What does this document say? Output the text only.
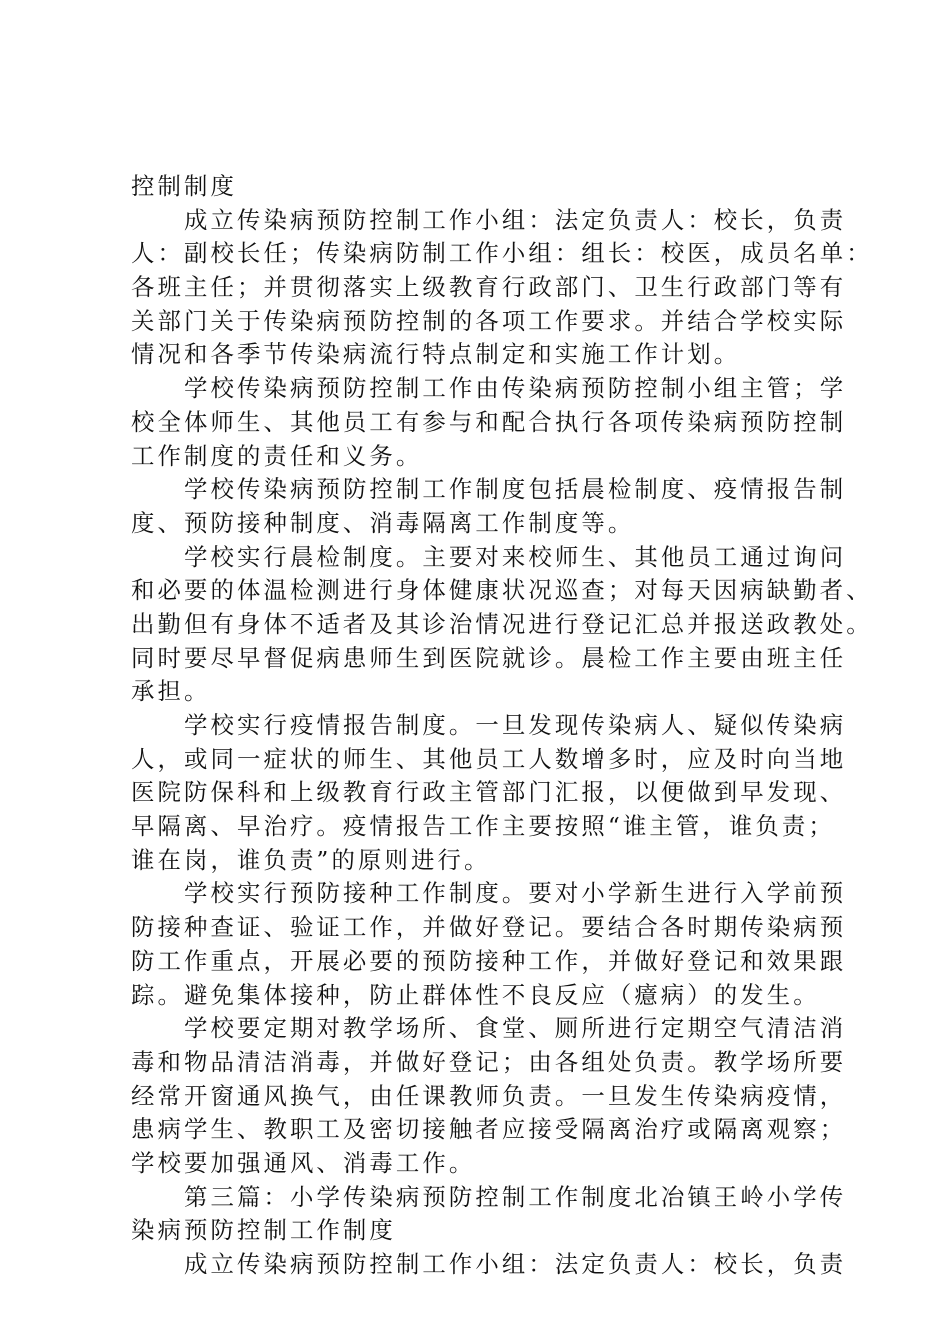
控制制度
成立传染病预防控制工作小组：法定负责人：校长，负责
人：副校长任；传染病防制工作小组：组长：校医，成员名单：
各班主任；并贯彻落实上级教育行政部门、卫生行政部门等有
关部门关于传染病预防控制的各项工作要求。并结合学校实际
情况和各季节传染病流行特点制定和实施工作计划。
学校传染病预防控制工作由传染病预防控制小组主管；学
校全体师生、其他员工有参与和配合执行各项传染病预防控制
工作制度的责任和义务。
学校传染病预防控制工作制度包括晨检制度、疫情报告制
度、预防接种制度、消毒隔离工作制度等。
学校实行晨检制度。主要对来校师生、其他员工通过询问
和必要的体温检测进行身体健康状况巡查；对每天因病缺勤者、
出勤但有身体不适者及其诊治情况进行登记汇总并报送政教处。
同时要尽早督促病患师生到医院就诊。晨检工作主要由班主任
承担。
学校实行疫情报告制度。一旦发现传染病人、疑似传染病
人，或同一症状的师生、其他员工人数增多时，应及时向当地
医院防保科和上级教育行政主管部门汇报，以便做到早发现、
早隔离、早治疗。疫情报告工作主要按照“谁主管，谁负责；
谁在岗，谁负责”的原则进行。
学校实行预防接种工作制度。要对小学新生进行入学前预
防接种查证、验证工作，并做好登记。要结合各时期传染病预
防工作重点，开展必要的预防接种工作，并做好登记和效果跟
踪。避免集体接种，防止群体性不良反应（癔病）的发生。
学校要定期对教学场所、食堂、厕所进行定期空气清洁消
毒和物品清洁消毒，并做好登记；由各组处负责。教学场所要
经常开窗通风换气，由任课教师负责。一旦发生传染病疫情，
患病学生、教职工及密切接触者应接受隔离治疗或隔离观察；
学校要加强通风、消毒工作。
第三篇：小学传染病预防控制工作制度北冶镇王岭小学传
染病预防控制工作制度
成立传染病预防控制工作小组：法定负责人：校长，负责
